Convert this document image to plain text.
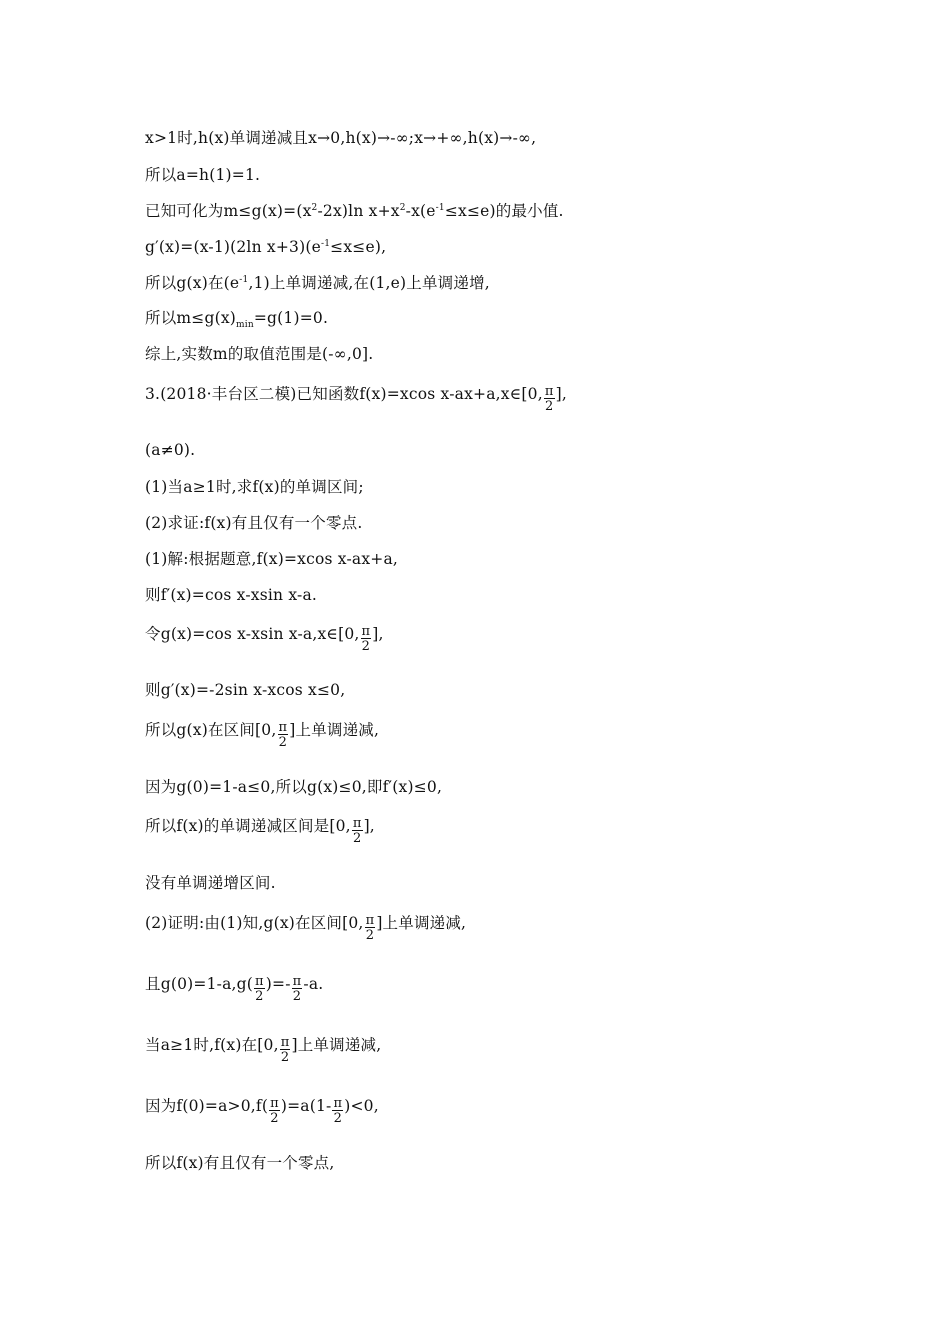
x>1时,h(x)单调递减且x→0,h(x)→-∞;x→+∞,h(x)→-∞,
所以a=h(1)=1.
已知可化为$m\le g(x)=(x^2-2x)\ln$ $x+x^2-x(e^{-1}\le x\le e)$的最小值.
g′(x)=(x-1)(2ln $x+3)(e^{-1}\le x\le e)$,
所以g(x)在$(e^{-1},1)$上单调递减,在(1,e)上单调递增,
所以$m\le g(x)_{min}=g(1)=0$.
综上,实数m的取值范围是(-∞,0].
3.(2018·丰台区二模)已知函数f(x)=xcos x-ax+a,x∈[0, $\frac{\pi}{2}$ ],
(a≠0).
(1)当a≥1时,求f(x)的单调区间;
(2)求证:f(x)有且仅有一个零点.
(1)解:根据题意,f(x)=xcos x-ax+a,
则f′(x)=cos x-xsin x-a.
令g(x)=cos x-xsin x-a,x∈[0, $\frac{\pi}{2}$ ],
则g′(x)=-2sin x-xcos x≤0,
所以g(x)在区间[0, $\frac{\pi}{2}$ ]上单调递减,
因为g(0)=1-a≤0,所以g(x)≤0,即f′(x)≤0,
所以f(x)的单调递减区间是[0, $\frac{\pi}{2}$ ],
没有单调递增区间.
(2)证明:由(1)知,g(x)在区间[0, $\frac{\pi}{2}$ ]上单调递减,
且$g(0)=1-a,g( \frac{\pi}{2}$ )=- $\frac{\pi}{2} -a$.
当a≥1时,f(x)在[0, $\frac{\pi}{2}$ ]上单调递减,
因为$f(0)=a>0,f( \frac{\pi}{2} )=a(1- \frac{\pi}{2} )<0$,
所以f(x)有且仅有一个零点,
